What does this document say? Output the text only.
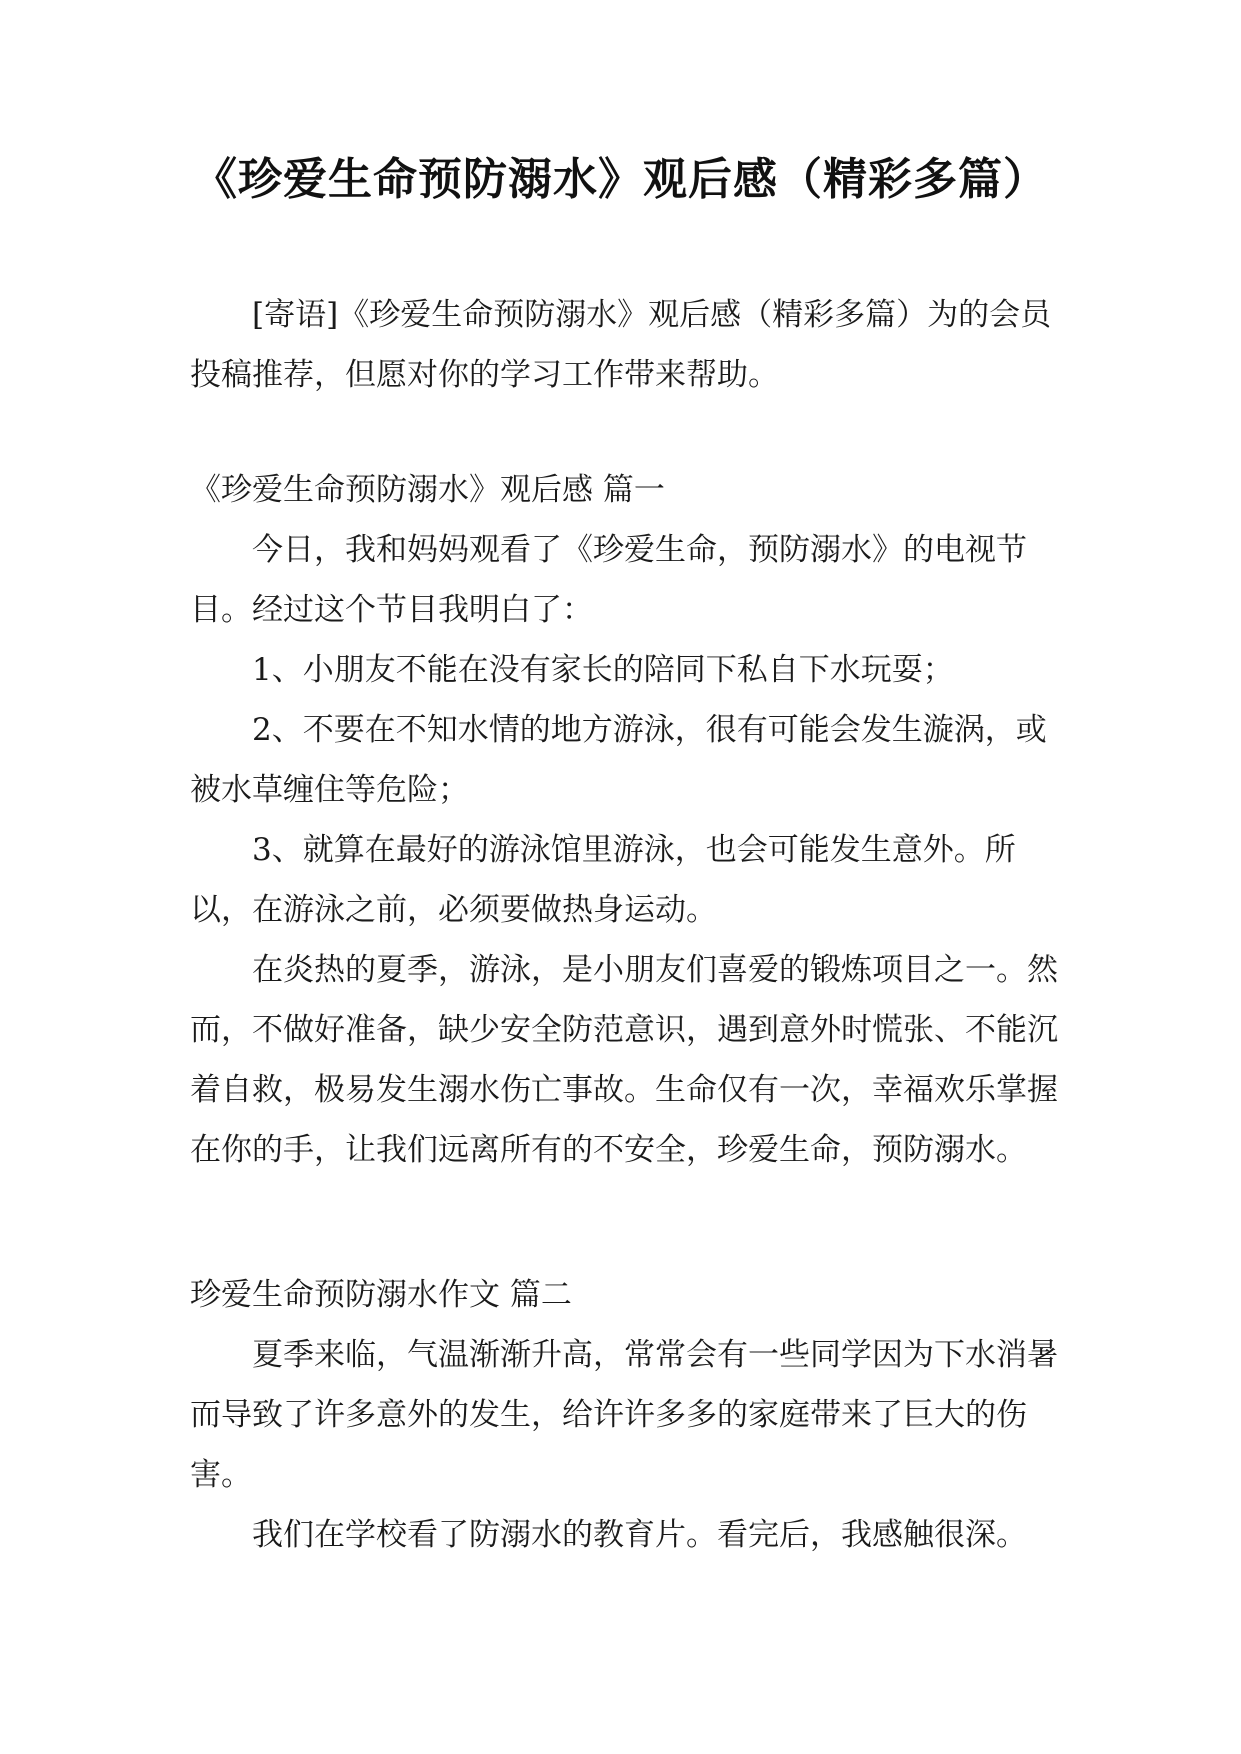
《珍爱生命预防溺水》观后感（精彩多篇）
[寄语]《珍爱生命预防溺水》观后感（精彩多篇）为的会员投稿推荐，但愿对你的学习工作带来帮助。
《珍爱生命预防溺水》观后感 篇一

今日，我和妈妈观看了《珍爱生命，预防溺水》的电视节目。经过这个节目我明白了：

1、小朋友不能在没有家长的陪同下私自下水玩耍；

2、不要在不知水情的地方游泳，很有可能会发生漩涡，或被水草缠住等危险；

3、就算在最好的游泳馆里游泳，也会可能发生意外。所以，在游泳之前，必须要做热身运动。

在炎热的夏季，游泳，是小朋友们喜爱的锻炼项目之一。然而，不做好准备，缺少安全防范意识，遇到意外时慌张、不能沉着自救，极易发生溺水伤亡事故。生命仅有一次，幸福欢乐掌握在你的手，让我们远离所有的不安全，珍爱生命，预防溺水。

珍爱生命预防溺水作文 篇二

夏季来临，气温渐渐升高，常常会有一些同学因为下水消暑而导致了许多意外的发生，给许许多多的家庭带来了巨大的伤害。

我们在学校看了防溺水的教育片。看完后，我感触很深。
